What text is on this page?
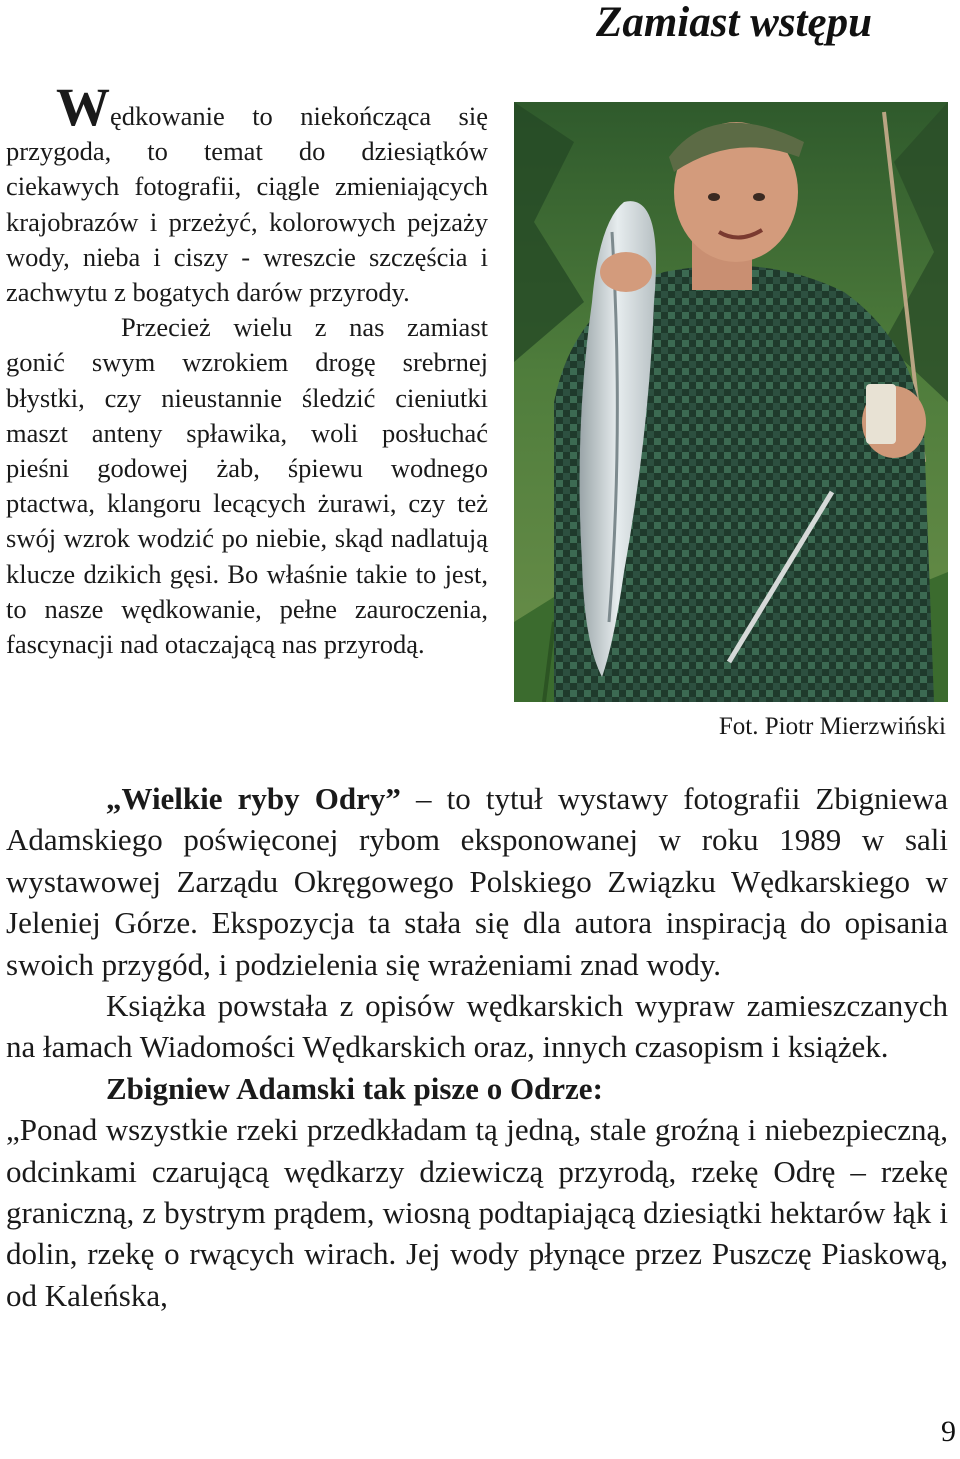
Zamiast wstępu

Wędkowanie to niekończąca się przygoda, to temat do dziesiątków ciekawych fotografii, ciągle zmieniających krajobrazów i przeżyć, kolorowych pejzaży wody, nieba i ciszy - wreszcie szczęścia i zachwytu z bogatych darów przyrody.

Przecież wielu z nas zamiast gonić swym wzrokiem drogę srebrnej błystki, czy nieustannie śledzić cieniutki maszt anteny spławika, woli posłuchać pieśni godowej żab, śpiewu wodnego ptactwa, klangoru lecących żurawi, czy też swój wzrok wodzić po niebie, skąd nadlatują klucze dzikich gęsi. Bo właśnie takie to jest, to nasze wędkowanie, pełne zauroczenia, fascynacji nad otaczającą nas przyrodą.

Fot. Piotr Mierzwiński

„Wielkie ryby Odry” – to tytuł wystawy fotografii Zbigniewa Adamskiego poświęconej rybom eksponowanej w roku 1989 w sali wystawowej Zarządu Okręgowego Polskiego Związku Wędkarskiego w Jeleniej Górze. Ekspozycja ta stała się dla autora inspiracją do opisania swoich przygód, i podzielenia się wrażeniami znad wody.

Książka powstała z opisów wędkarskich wypraw zamieszczanych na łamach Wiadomości Wędkarskich oraz, innych czasopism i książek.

Zbigniew Adamski tak pisze o Odrze:

„Ponad wszystkie rzeki przedkładam tą jedną, stale groźną i niebezpieczną, odcinkami czarującą wędkarzy dziewiczą przyrodą, rzekę Odrę – rzekę graniczną, z bystrym prądem, wiosną podtapiającą dziesiątki hektarów łąk i dolin, rzekę o rwących wirach. Jej wody płynące przez Puszczę Piaskową, od Kaleńska,

9
